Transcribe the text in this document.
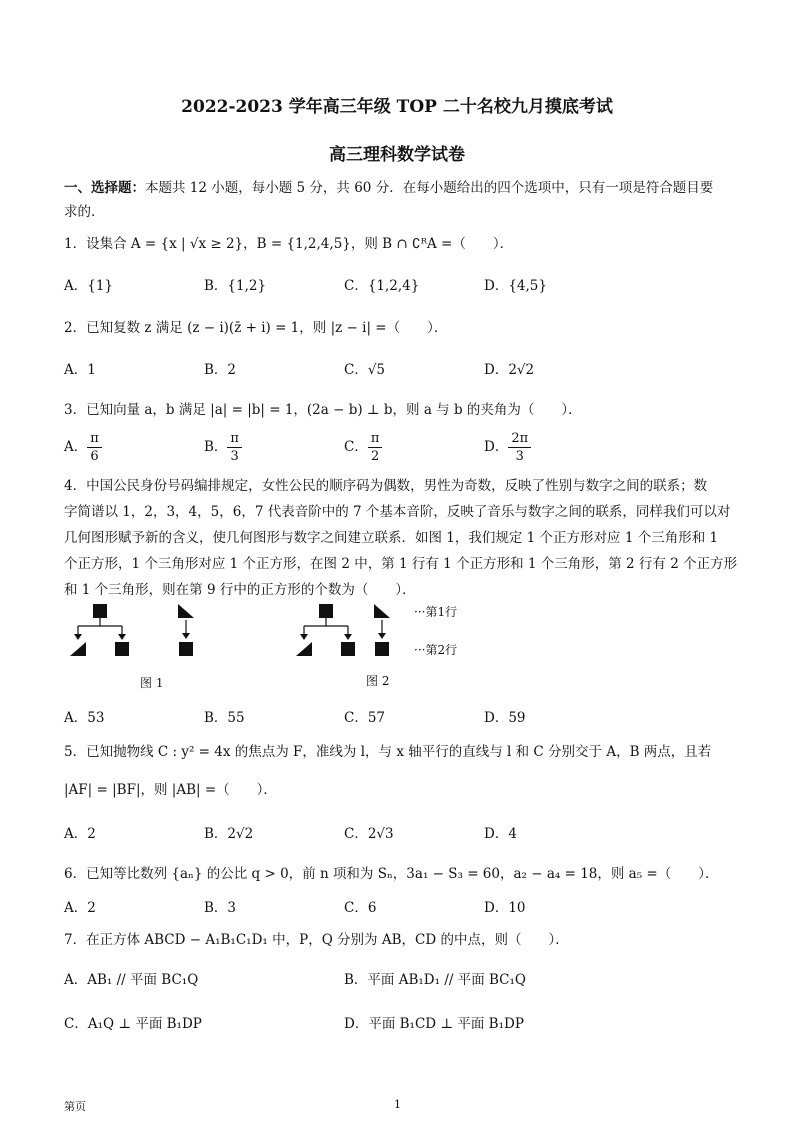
2022-2023 学年高三年级 TOP 二十名校九月摸底考试
高三理科数学试卷
一、选择题：本题共 12 小题，每小题 5 分，共 60 分．在每小题给出的四个选项中，只有一项是符合题目要
求的．
1．设集合 A = {x | √x ≥ 2}，B = {1,2,4,5}，则 B ∩ ∁ᴿA =（　　）．
A．{1}	B．{1,2}	C．{1,2,4}	D．{4,5}
2．已知复数 z 满足 (z − i)(z̄ + i) = 1，则 |z − i| =（　　）．
A．1	B．2	C．√5	D．2√2
3．已知向量 a，b 满足 |a| = |b| = 1，(2a − b) ⊥ b，则 a 与 b 的夹角为（　　）．
A． $\frac{\pi}{6}$	B． $\frac{\pi}{3}$	C． $\frac{\pi}{2}$	D． $\frac{2\pi}{3}$
4．中国公民身份号码编排规定，女性公民的顺序码为偶数，男性为奇数，反映了性别与数字之间的联系；数
字简谱以 1，2，3，4，5，6，7 代表音阶中的 7 个基本音阶，反映了音乐与数字之间的联系，同样我们可以对
几何图形赋予新的含义，使几何图形与数字之间建立联系．如图 1，我们规定 1 个正方形对应 1 个三角形和 1
个正方形，1 个三角形对应 1 个正方形，在图 2 中，第 1 行有 1 个正方形和 1 个三角形，第 2 行有 2 个正方形
和 1 个三角形，则在第 9 行中的正方形的个数为（　　）．
图 1
···第1行
···第2行
图 2
A．53	B．55	C．57	D．59
5．已知抛物线 C : y² = 4x 的焦点为 F，准线为 l，与 x 轴平行的直线与 l 和 C 分别交于 A，B 两点，且若
|AF| = |BF|，则 |AB| =（　　）．
A．2	B．2√2	C．2√3	D．4
6．已知等比数列 {aₙ} 的公比 q > 0，前 n 项和为 Sₙ，3a₁ − S₃ = 60，a₂ − a₄ = 18，则 a₅ =（　　）．
A．2	B．3	C．6	D．10
7．在正方体 ABCD − A₁B₁C₁D₁ 中，P，Q 分别为 AB，CD 的中点，则（　　）．
A．AB₁ // 平面 BC₁Q	B．平面 AB₁D₁ // 平面 BC₁Q
C．A₁Q ⊥ 平面 B₁DP	D．平面 B₁CD ⊥ 平面 B₁DP
第页	1
